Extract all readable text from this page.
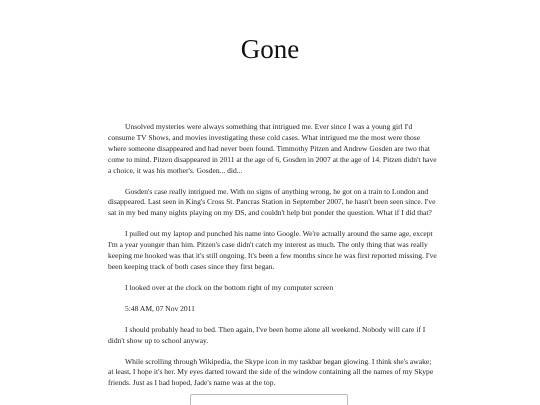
Gone

Unsolved mysteries were always something that intrigued me. Ever since I was a young girl I'd consume TV Shows, and movies investigating these cold cases. What intrigued me the most were those where someone disappeared and had never been found. Timmothy Pitzen and Andrew Gosden are two that come to mind. Pitzen disappeared in 2011 at the age of 6, Gosden in 2007 at the age of 14. Pitzen didn't have a choice, it was his mother's. Gosden... did...

Gosden's case really intrigued me. With no signs of anything wrong, he got on a train to London and disappeared. Last seen in King's Cross St. Pancras Station in September 2007, he hasn't been seen since. I've sat in my bed many nights playing on my DS, and couldn't help but ponder the question. What if I did that?

I pulled out my laptop and punched his name into Google. We're actually around the same age, except I'm a year younger than him. Pitzen's case didn't catch my interest as much. The only thing that was really keeping me hooked was that it's still ongoing. It's been a few months since he was first reported missing. I've been keeping track of both cases since they first began.

I looked over at the clock on the bottom right of my computer screen

5:48 AM, 07 Nov 2011

I should probably head to bed. Then again, I've been home alone all weekend. Nobody will care if I didn't show up to school anyway.

While scrolling through Wikipedia, the Skype icon in my taskbar began glowing. I think she's awake; at least, I hope it's her. My eyes darted toward the side of the window containing all the names of my Skype friends. Just as I had hoped, Jade's name was at the top.
